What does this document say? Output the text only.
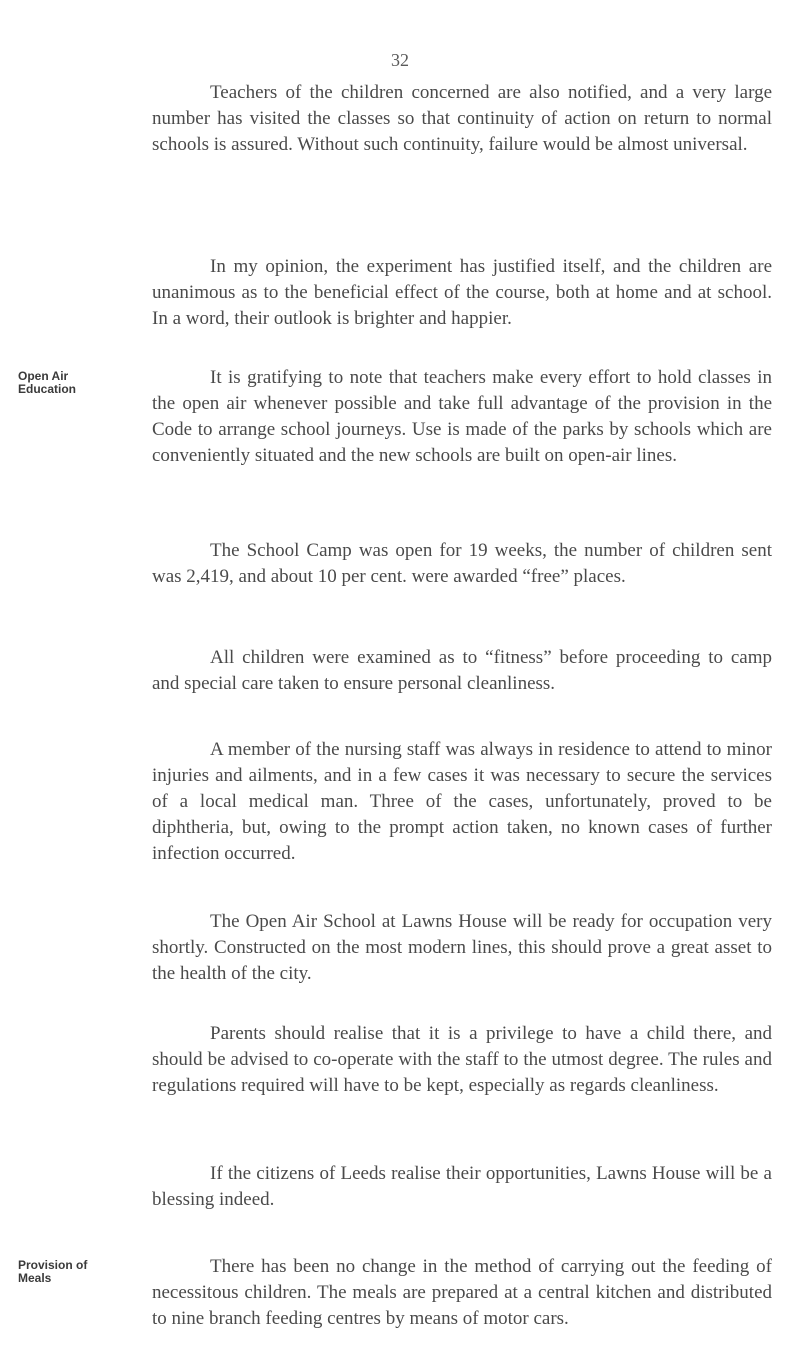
32

Teachers of the children concerned are also notified, and a very large number has visited the classes so that continuity of action on return to normal schools is assured. Without such continuity, failure would be almost universal.

In my opinion, the experiment has justified itself, and the children are unanimous as to the beneficial effect of the course, both at home and at school. In a word, their outlook is brighter and happier.

Open Air
Education

It is gratifying to note that teachers make every effort to hold classes in the open air whenever possible and take full advantage of the provision in the Code to arrange school journeys. Use is made of the parks by schools which are conveniently situated and the new schools are built on open-air lines.

The School Camp was open for 19 weeks, the number of children sent was 2,419, and about 10 per cent. were awarded “free” places.

All children were examined as to “fitness” before proceeding to camp and special care taken to ensure personal cleanliness.

A member of the nursing staff was always in residence to attend to minor injuries and ailments, and in a few cases it was necessary to secure the services of a local medical man. Three of the cases, unfortunately, proved to be diphtheria, but, owing to the prompt action taken, no known cases of further infection occurred.

The Open Air School at Lawns House will be ready for occupation very shortly. Constructed on the most modern lines, this should prove a great asset to the health of the city.

Parents should realise that it is a privilege to have a child there, and should be advised to co-operate with the staff to the utmost degree. The rules and regulations required will have to be kept, especially as regards cleanliness.

If the citizens of Leeds realise their opportunities, Lawns House will be a blessing indeed.

Provision of
Meals

There has been no change in the method of carrying out the feeding of necessitous children. The meals are prepared at a central kitchen and distributed to nine branch feeding centres by means of motor cars.
